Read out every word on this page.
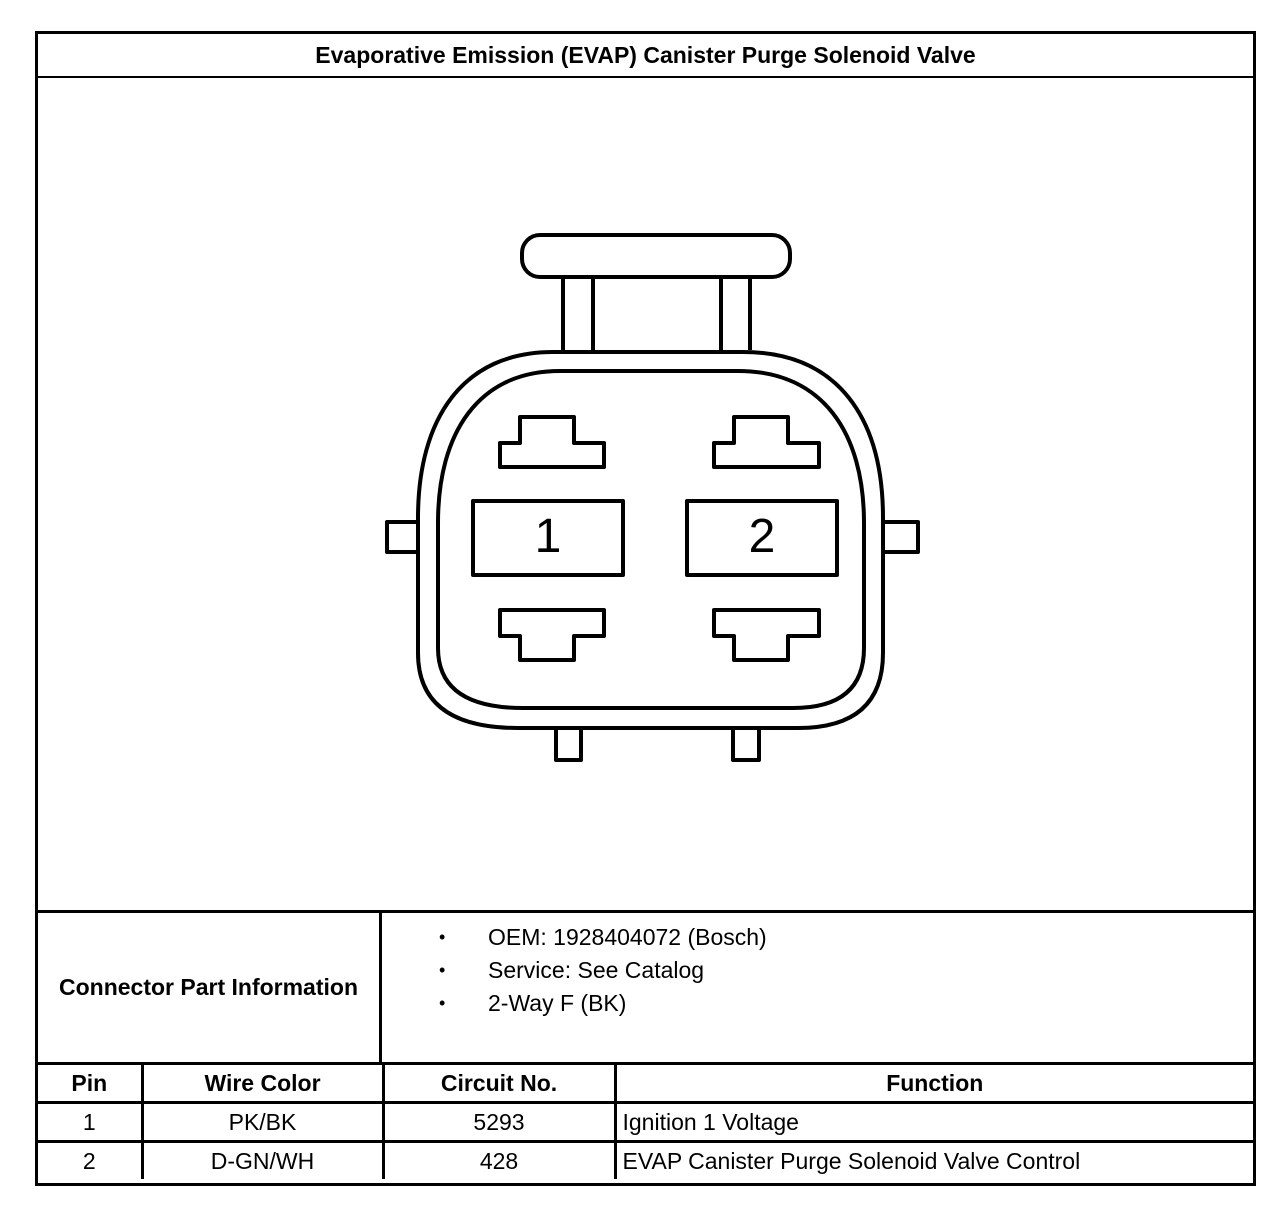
Evaporative Emission (EVAP) Canister Purge Solenoid Valve
1	2
Connector Part Information
• OEM: 1928404072 (Bosch)
• Service: See Catalog
• 2-Way F (BK)
Pin	Wire Color	Circuit No.	Function
1	PK/BK	5293	Ignition 1 Voltage
2	D-GN/WH	428	EVAP Canister Purge Solenoid Valve Control
